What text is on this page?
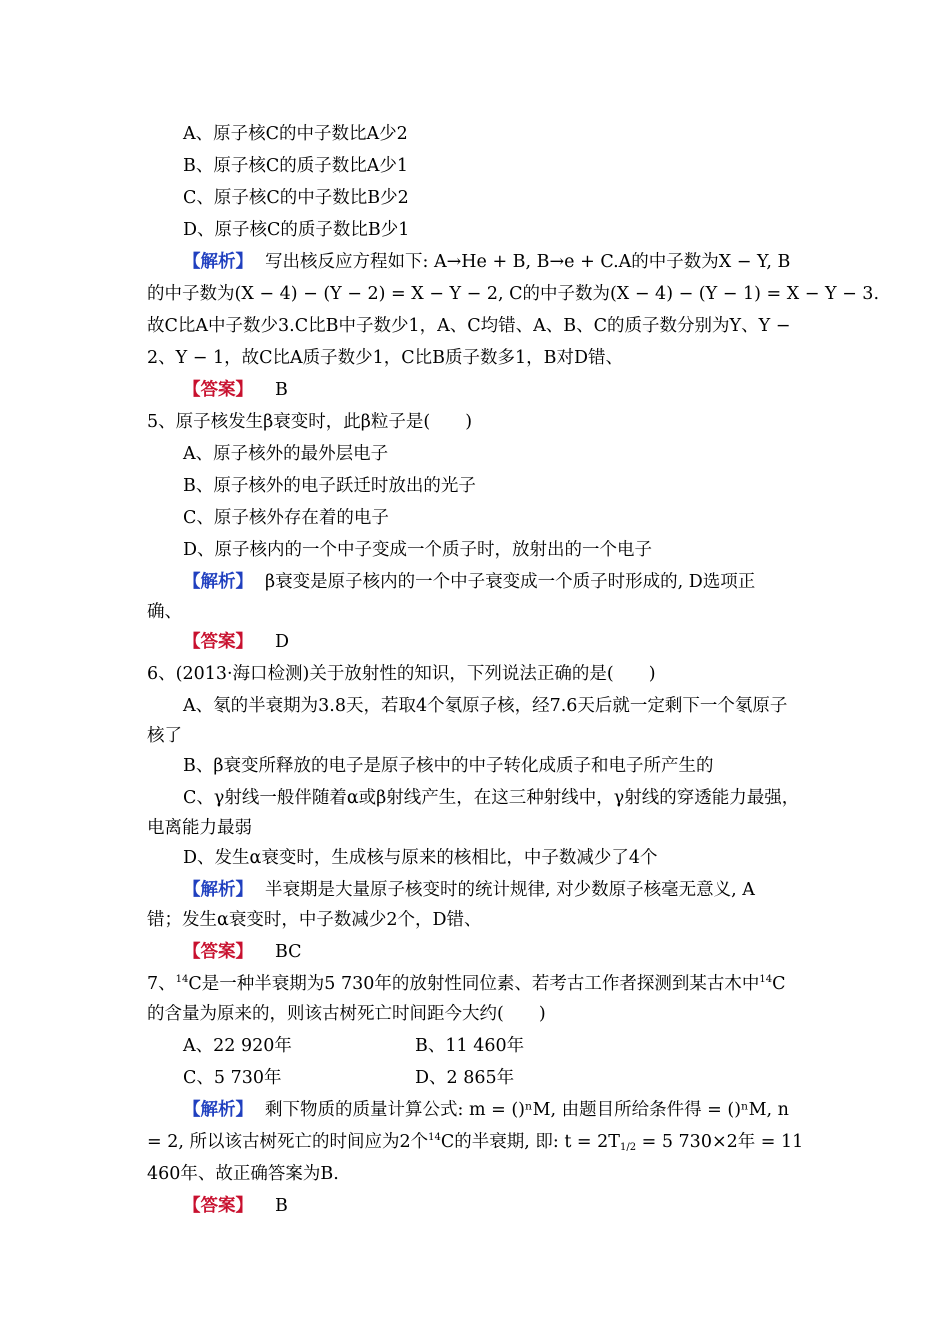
A、原子核C的中子数比A少2
B、原子核C的质子数比A少1
C、原子核C的中子数比B少2
D、原子核C的质子数比B少1
【解析】 写出核反应方程如下: A→He + B, B→e + C.A的中子数为X − Y, B
的中子数为(X − 4) − (Y − 2) = X − Y − 2, C的中子数为(X − 4) − (Y − 1) = X − Y − 3.
故C比A中子数少3.C比B中子数少1，A、C均错、A、B、C的质子数分别为Y、Y −
2、Y − 1，故C比A质子数少1，C比B质子数多1，B对D错、
【答案】 B
5、原子核发生β衰变时，此β粒子是(　　)
A、原子核外的最外层电子
B、原子核外的电子跃迁时放出的光子
C、原子核外存在着的电子
D、原子核内的一个中子变成一个质子时，放射出的一个电子
【解析】 β衰变是原子核内的一个中子衰变成一个质子时形成的, D选项正
确、
【答案】 D
6、(2013·海口检测)关于放射性的知识，下列说法正确的是(　　)
A、氡的半衰期为3.8天，若取4个氡原子核，经7.6天后就一定剩下一个氡原子
核了
B、β衰变所释放的电子是原子核中的中子转化成质子和电子所产生的
C、γ射线一般伴随着α或β射线产生，在这三种射线中，γ射线的穿透能力最强，
电离能力最弱
D、发生α衰变时，生成核与原来的核相比，中子数减少了4个
【解析】 半衰期是大量原子核变时的统计规律, 对少数原子核毫无意义, A
错；发生α衰变时，中子数减少2个，D错、
【答案】 BC
7、$^{14}$C是一种半衰期为5 730年的放射性同位素、若考古工作者探测到某古木中$^{14}$C
的含量为原来的，则该古树死亡时间距今大约(　　)
A、22 920年	B、11 460年
C、5 730年	D、2 865年
【解析】 剩下物质的质量计算公式: m = ()ⁿM, 由题目所给条件得 = ()ⁿM, n
= 2, 所以该古树死亡的时间应为2个$^{14}$C的半衰期, 即: $t = 2T_{1/2} = 5$ 730×2年 = 11
460年、故正确答案为B.
【答案】 B
